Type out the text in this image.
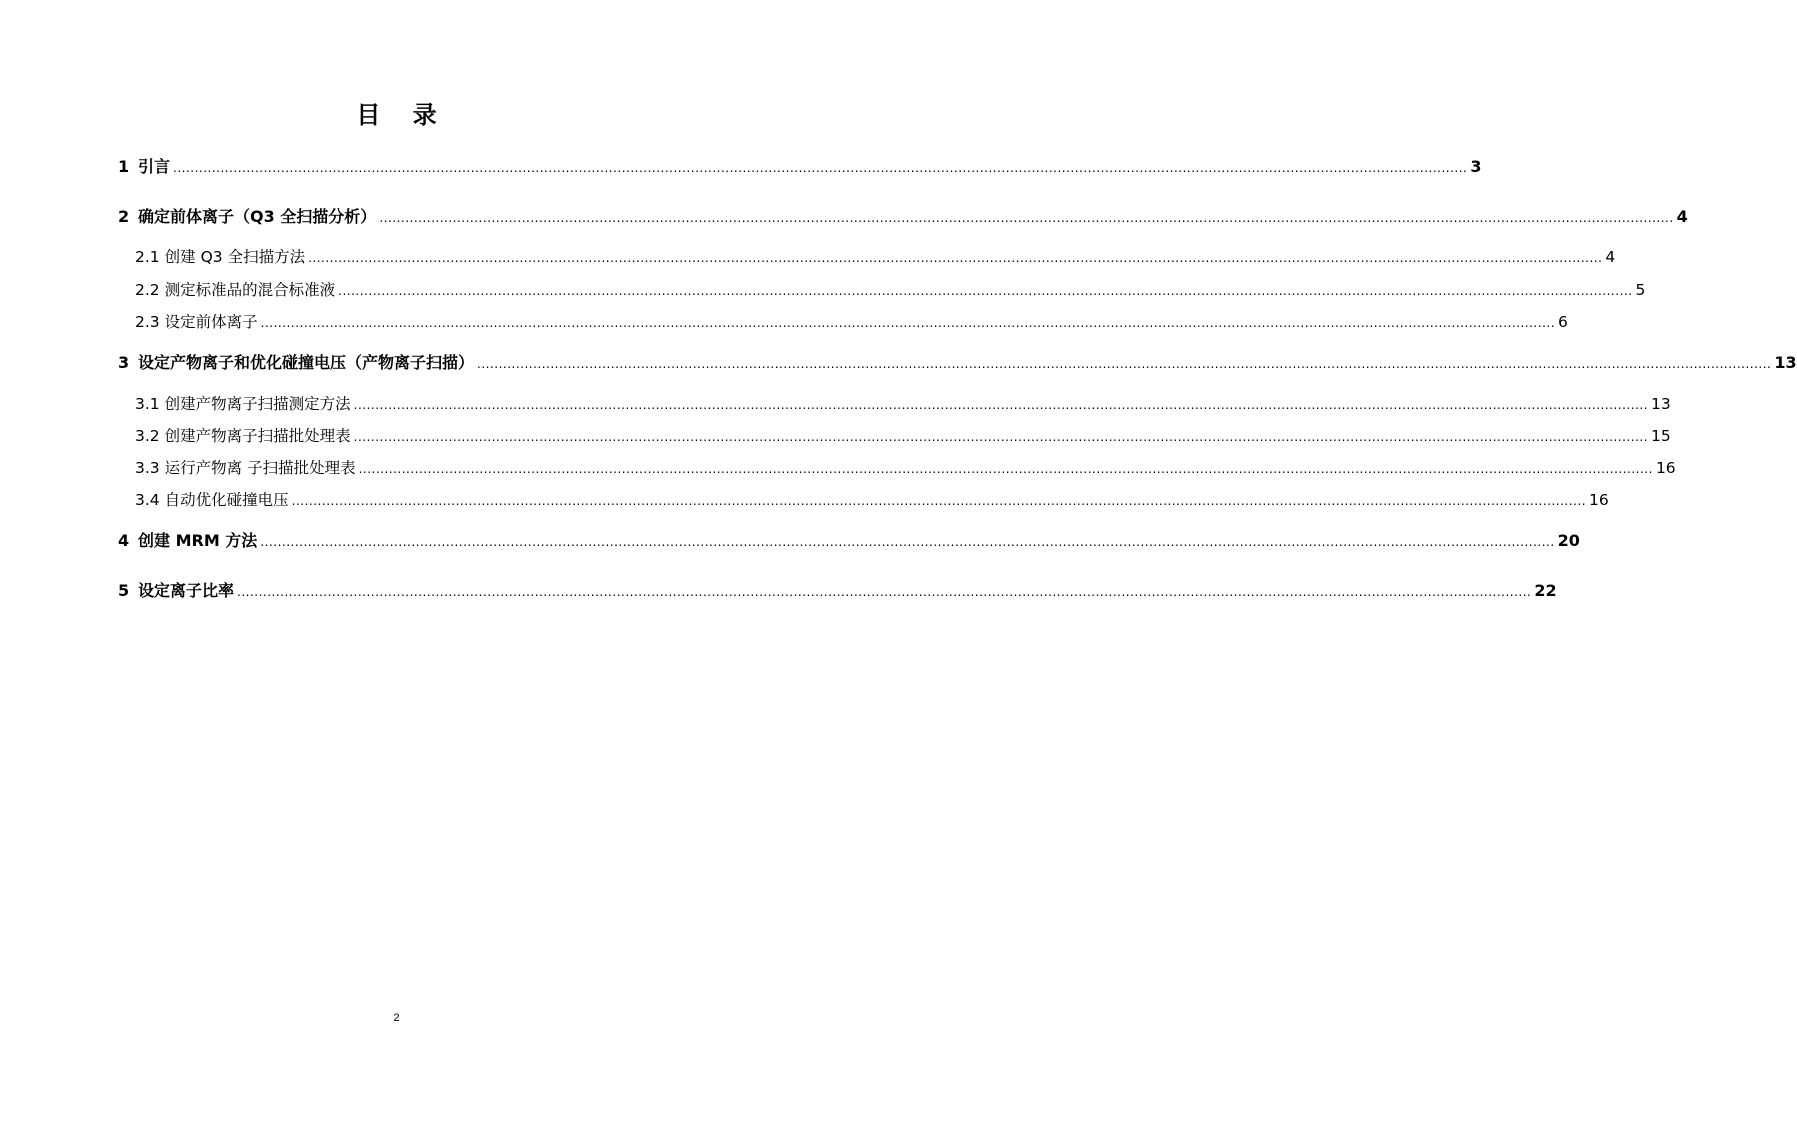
目 录
1 引言 ............................................................................................................................................................................................................................................................................................................ 3
2 确定前体离子（Q3 全扫描分析） ............................................................................................................................................................................................................................................................................................................ 4
2.1 创建 Q3 全扫描方法 ............................................................................................................................................................................................................................................................................................................ 4
2.2 测定标准品的混合标准液 ............................................................................................................................................................................................................................................................................................................ 5
2.3 设定前体离子 ............................................................................................................................................................................................................................................................................................................ 6
3 设定产物离子和优化碰撞电压（产物离子扫描） ............................................................................................................................................................................................................................................................................................................ 13
3.1 创建产物离子扫描测定方法 ............................................................................................................................................................................................................................................................................................................ 13
3.2 创建产物离子扫描批处理表 ............................................................................................................................................................................................................................................................................................................ 15
3.3 运行产物离 子扫描批处理表 ............................................................................................................................................................................................................................................................................................................ 16
3.4 自动优化碰撞电压 ............................................................................................................................................................................................................................................................................................................ 16
4 创建 MRM 方法 ............................................................................................................................................................................................................................................................................................................ 20
5 设定离子比率 ............................................................................................................................................................................................................................................................................................................ 22
2
